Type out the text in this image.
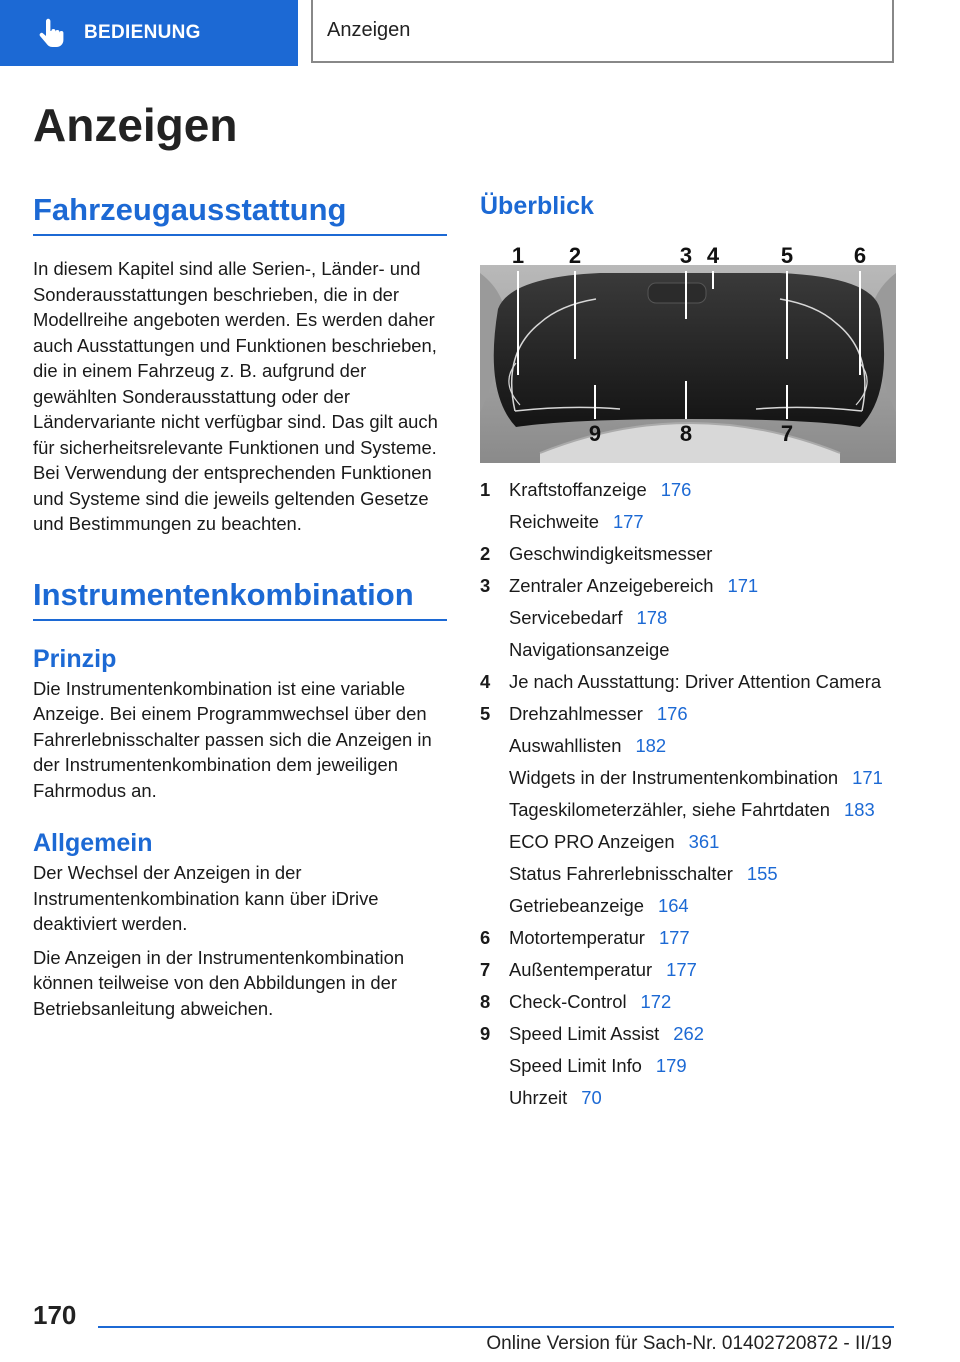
BEDIENUNG	Anzeigen
Anzeigen
Fahrzeugausstattung

In diesem Kapitel sind alle Serien-, Länder- und Sonderausstattungen beschrieben, die in der Modellreihe angeboten werden. Es werden daher auch Ausstattungen und Funktionen beschrieben, die in einem Fahrzeug z. B. aufgrund der gewählten Sonderausstattung oder der Ländervariante nicht verfügbar sind. Das gilt auch für sicherheitsrelevante Funktionen und Systeme. Bei Verwendung der entsprechenden Funktionen und Systeme sind die jeweils geltenden Gesetze und Bestimmungen zu beachten.

Instrumentenkombination
Prinzip

Die Instrumentenkombination ist eine variable Anzeige. Bei einem Programmwechsel über den Fahrerlebnisschalter passen sich die Anzeigen in der Instrumentenkombination dem jeweiligen Fahrmodus an.

Allgemein

Der Wechsel der Anzeigen in der Instrumentenkombination kann über iDrive deaktiviert werden.

Die Anzeigen in der Instrumentenkombination können teilweise von den Abbildungen in der Betriebsanleitung abweichen.

Überblick
1 2	3 4	5	6
9	8	7
1	Kraftstoffanzeige 176
Reichweite 177
2	Geschwindigkeitsmesser
3	Zentraler Anzeigebereich 171
Servicebedarf 178
Navigationsanzeige
4	Je nach Ausstattung: Driver Attention Camera
5	Drehzahlmesser 176
Auswahllisten 182
Widgets in der Instrumentenkombination 171
Tageskilometerzähler, siehe Fahrtdaten 183
ECO PRO Anzeigen 361
Status Fahrerlebnisschalter 155
Getriebeanzeige 164
6	Motortemperatur 177
7	Außentemperatur 177
8	Check-Control 172
9	Speed Limit Assist 262
Speed Limit Info 179
Uhrzeit 70
170
Online Version für Sach-Nr. 01402720872 - II/19
